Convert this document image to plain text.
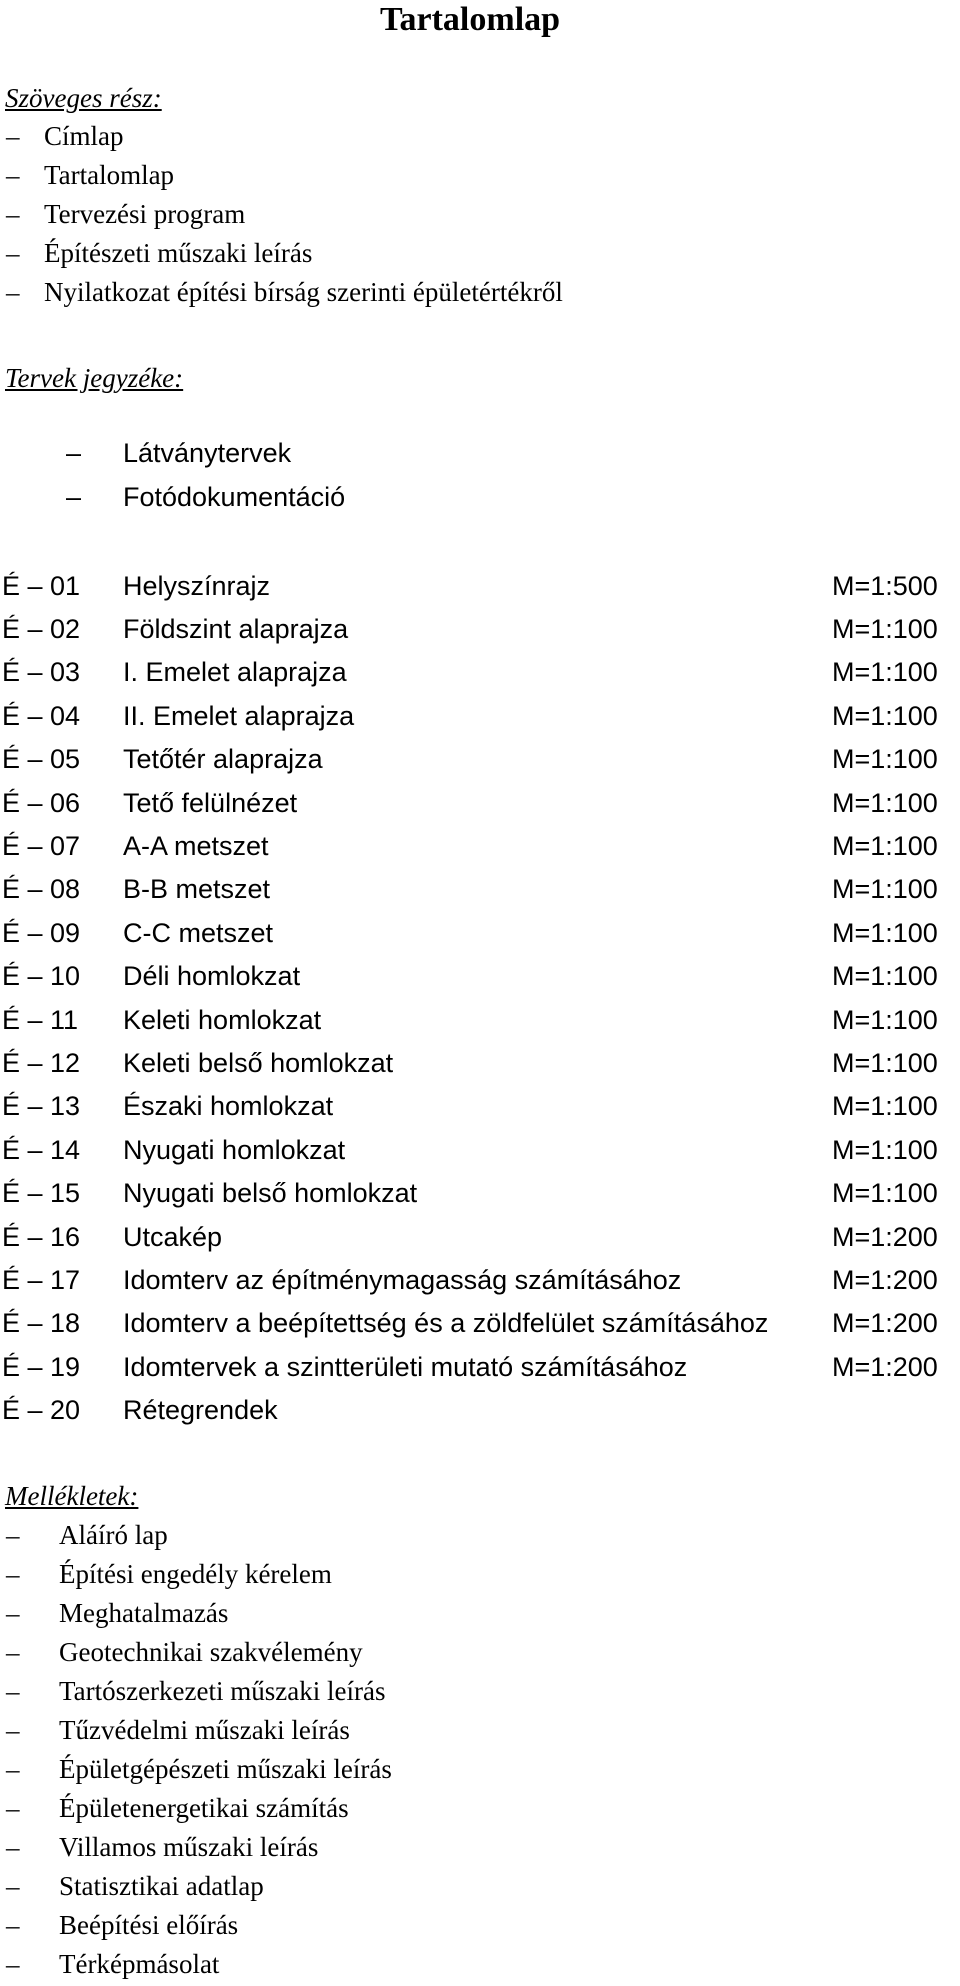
Tartalomlap
Szöveges rész:
– Címlap
– Tartalomlap
– Tervezési program
– Építészeti műszaki leírás
– Nyilatkozat építési bírság szerinti épületértékről
Tervek jegyzéke:
– Látványtervek
– Fotódokumentáció
É – 01 Helyszínrajz	M=1:500
É – 02 Földszint alaprajza	M=1:100
É – 03 I. Emelet alaprajza	M=1:100
É – 04 II. Emelet alaprajza	M=1:100
É – 05 Tetőtér alaprajza	M=1:100
É – 06 Tető felülnézet	M=1:100
É – 07 A-A metszet	M=1:100
É – 08 B-B metszet	M=1:100
É – 09 C-C metszet	M=1:100
É – 10 Déli homlokzat	M=1:100
É – 11 Keleti homlokzat	M=1:100
É – 12 Keleti belső homlokzat	M=1:100
É – 13 Északi homlokzat	M=1:100
É – 14 Nyugati homlokzat	M=1:100
É – 15 Nyugati belső homlokzat	M=1:100
É – 16 Utcakép	M=1:200
É – 17 Idomterv az építménymagasság számításához	M=1:200
É – 18 Idomterv a beépítettség és a zöldfelület számításához M=1:200
É – 19 Idomtervek a szintterületi mutató számításához	M=1:200
É – 20 Rétegrendek
Mellékletek:
– Aláíró lap
– Építési engedély kérelem
– Meghatalmazás
– Geotechnikai szakvélemény
– Tartószerkezeti műszaki leírás
– Tűzvédelmi műszaki leírás
– Épületgépészeti műszaki leírás
– Épületenergetikai számítás
– Villamos műszaki leírás
– Statisztikai adatlap
– Beépítési előírás
– Térképmásolat
